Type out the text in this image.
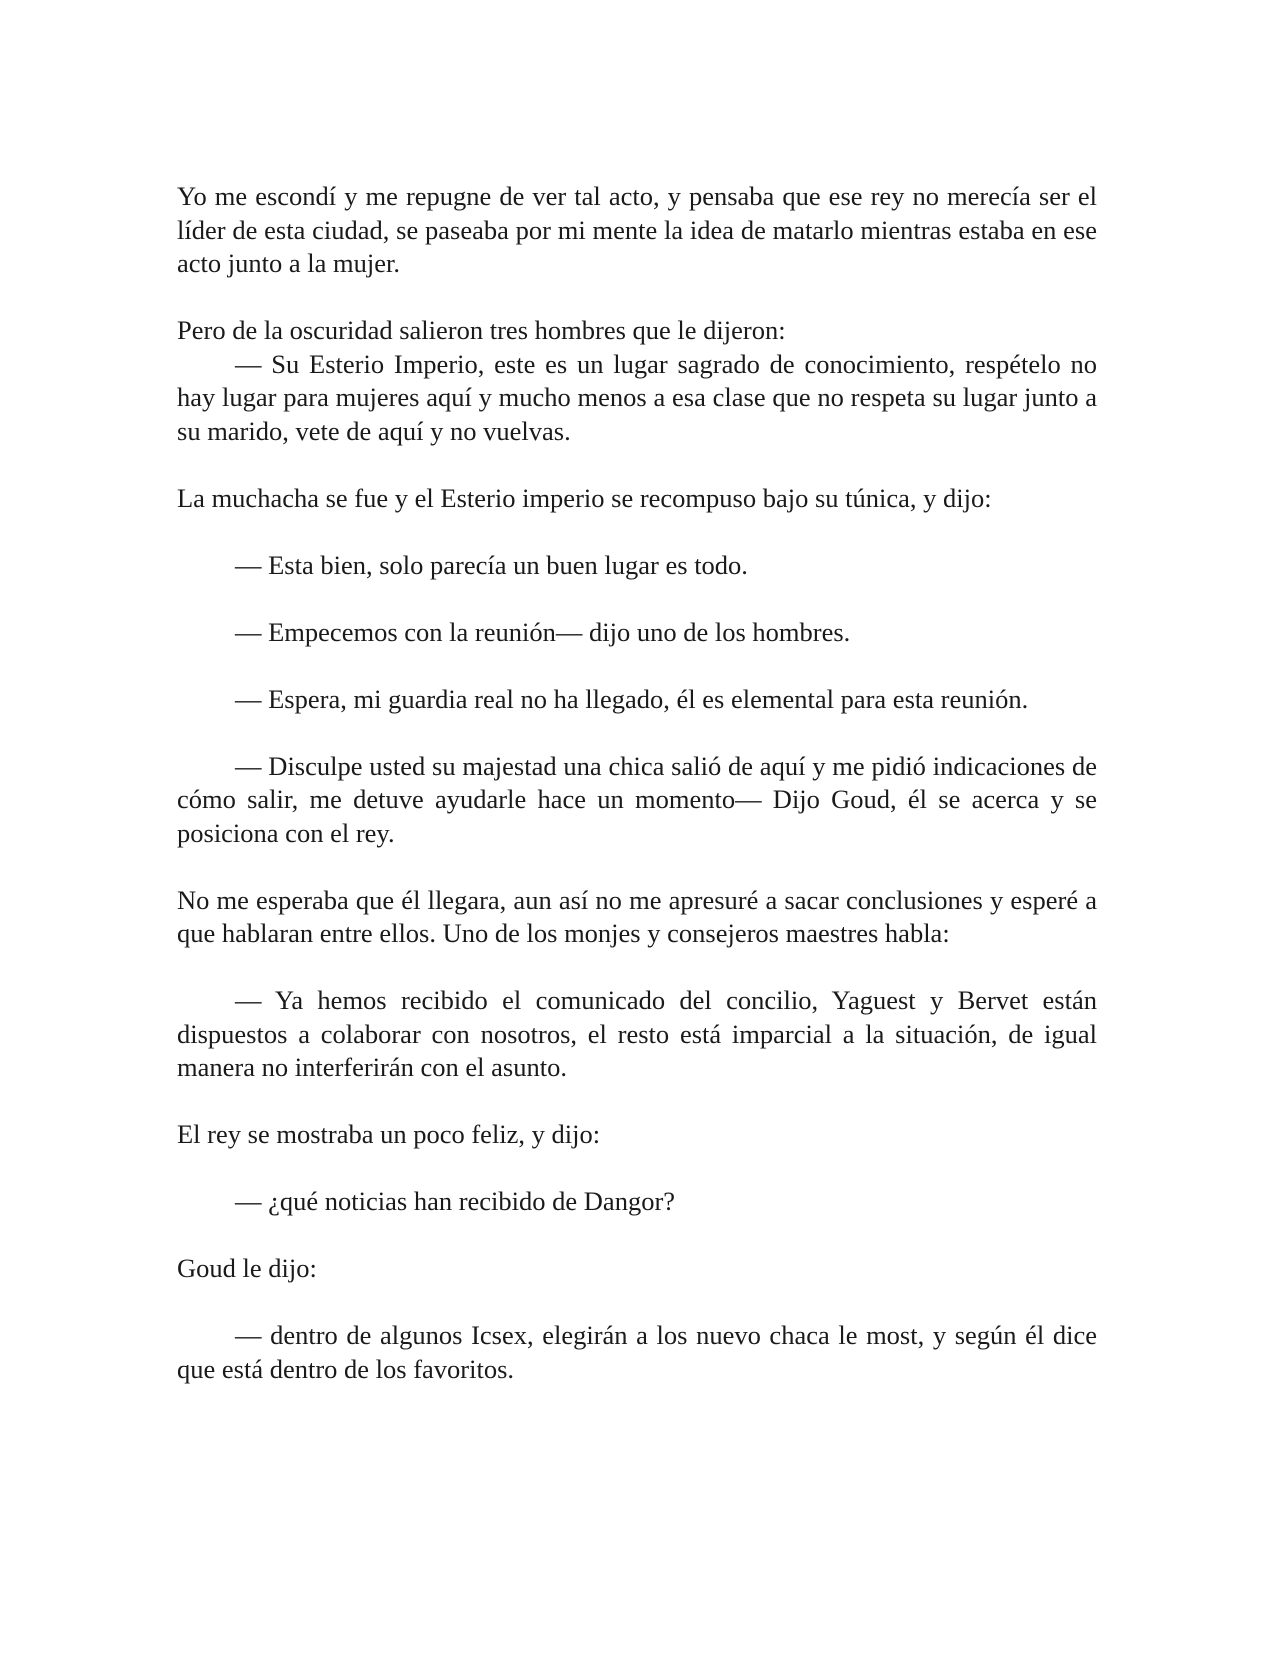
Yo me escondí y me repugne de ver tal acto, y pensaba que ese rey no merecía ser el líder de esta ciudad, se paseaba por mi mente la idea de matarlo mientras estaba en ese acto junto a la mujer.

Pero de la oscuridad salieron tres hombres que le dijeron:

— Su Esterio Imperio, este es un lugar sagrado de conocimiento, respételo no hay lugar para mujeres aquí y mucho menos a esa clase que no respeta su lugar junto a su marido, vete de aquí y no vuelvas.

La muchacha se fue y el Esterio imperio se recompuso bajo su túnica, y dijo:

— Esta bien, solo parecía un buen lugar es todo.

— Empecemos con la reunión— dijo uno de los hombres.

— Espera, mi guardia real no ha llegado, él es elemental para esta reunión.

— Disculpe usted su majestad una chica salió de aquí y me pidió indicaciones de cómo salir, me detuve ayudarle hace un momento— Dijo Goud, él se acerca y se posiciona con el rey.

No me esperaba que él llegara, aun así no me apresuré a sacar conclusiones y esperé a que hablaran entre ellos. Uno de los monjes y consejeros maestres habla:

— Ya hemos recibido el comunicado del concilio, Yaguest y Bervet están dispuestos a colaborar con nosotros, el resto está imparcial a la situación, de igual manera no interferirán con el asunto.

El rey se mostraba un poco feliz, y dijo:

— ¿qué noticias han recibido de Dangor?

Goud le dijo:

— dentro de algunos Icsex, elegirán a los nuevo chaca le most, y según él dice que está dentro de los favoritos.
